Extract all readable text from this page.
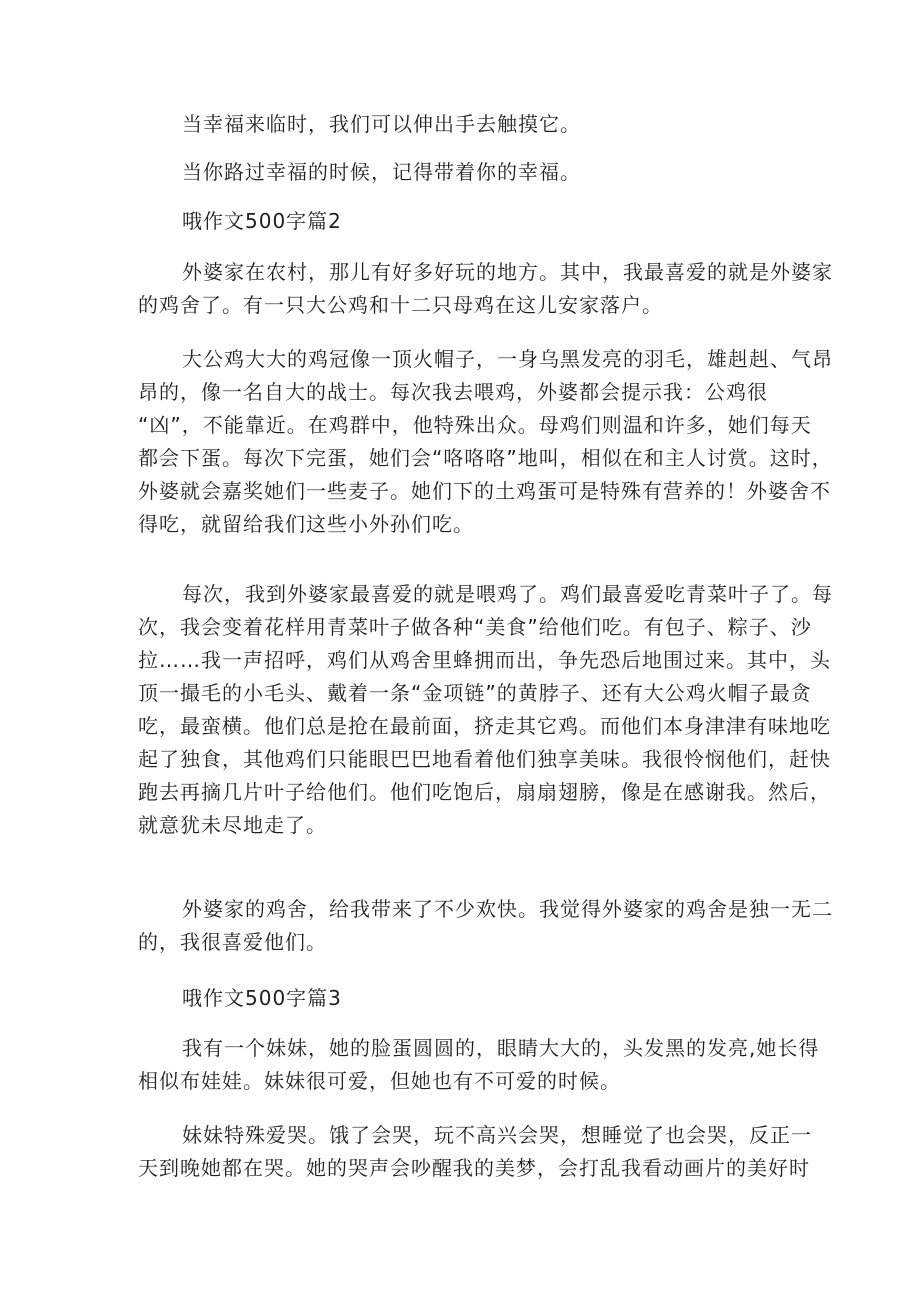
当幸福来临时，我们可以伸出手去触摸它。

当你路过幸福的时候，记得带着你的幸福。

哦作文500字篇2

外婆家在农村，那儿有好多好玩的地方。其中，我最喜爱的就是外婆家
的鸡舍了。有一只大公鸡和十二只母鸡在这儿安家落户。

大公鸡大大的鸡冠像一顶火帽子，一身乌黑发亮的羽毛，雄赳赳、气昂
昂的，像一名自大的战士。每次我去喂鸡，外婆都会提示我：公鸡很
“凶”，不能靠近。在鸡群中，他特殊出众。母鸡们则温和许多，她们每天
都会下蛋。每次下完蛋，她们会“咯咯咯”地叫，相似在和主人讨赏。这时，
外婆就会嘉奖她们一些麦子。她们下的土鸡蛋可是特殊有营养的！外婆舍不
得吃，就留给我们这些小外孙们吃。

每次，我到外婆家最喜爱的就是喂鸡了。鸡们最喜爱吃青菜叶子了。每
次，我会变着花样用青菜叶子做各种“美食”给他们吃。有包子、粽子、沙
拉……我一声招呼，鸡们从鸡舍里蜂拥而出，争先恐后地围过来。其中，头
顶一撮毛的小毛头、戴着一条“金项链”的黄脖子、还有大公鸡火帽子最贪
吃，最蛮横。他们总是抢在最前面，挤走其它鸡。而他们本身津津有味地吃
起了独食，其他鸡们只能眼巴巴地看着他们独享美味。我很怜悯他们，赶快
跑去再摘几片叶子给他们。他们吃饱后，扇扇翅膀，像是在感谢我。然后，
就意犹未尽地走了。

外婆家的鸡舍，给我带来了不少欢快。我觉得外婆家的鸡舍是独一无二
的，我很喜爱他们。

哦作文500字篇3

我有一个妹妹，她的脸蛋圆圆的，眼睛大大的，头发黑的发亮,她长得
相似布娃娃。妹妹很可爱，但她也有不可爱的时候。

妹妹特殊爱哭。饿了会哭，玩不高兴会哭，想睡觉了也会哭，反正一
天到晚她都在哭。她的哭声会吵醒我的美梦，会打乱我看动画片的美好时
